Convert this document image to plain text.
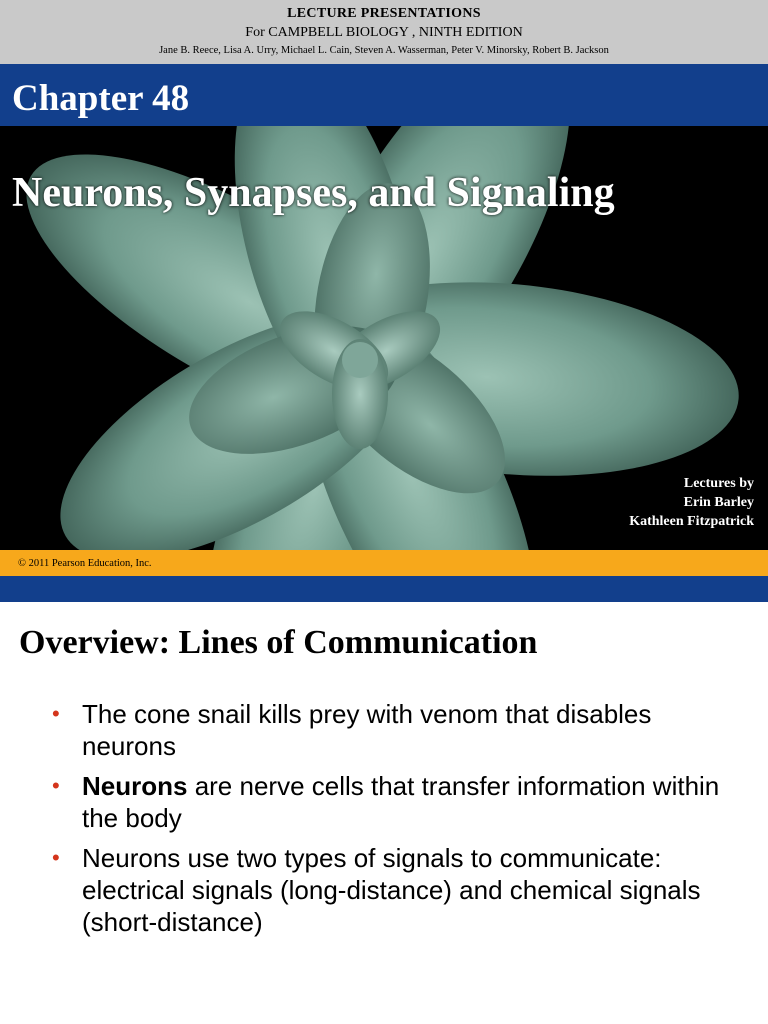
LECTURE PRESENTATIONS
For CAMPBELL BIOLOGY , NINTH EDITION
Jane B. Reece, Lisa A. Urry, Michael L. Cain, Steven A. Wasserman, Peter V. Minorsky, Robert B. Jackson
Chapter 48
Neurons, Synapses, and Signaling
Lectures by
Erin Barley
Kathleen Fitzpatrick
© 2011 Pearson Education, Inc.
Overview: Lines of Communication
• The cone snail kills prey with venom that disables neurons
• Neurons are nerve cells that transfer information within the body
• Neurons use two types of signals to communicate: electrical signals (long-distance) and chemical signals (short-distance)
